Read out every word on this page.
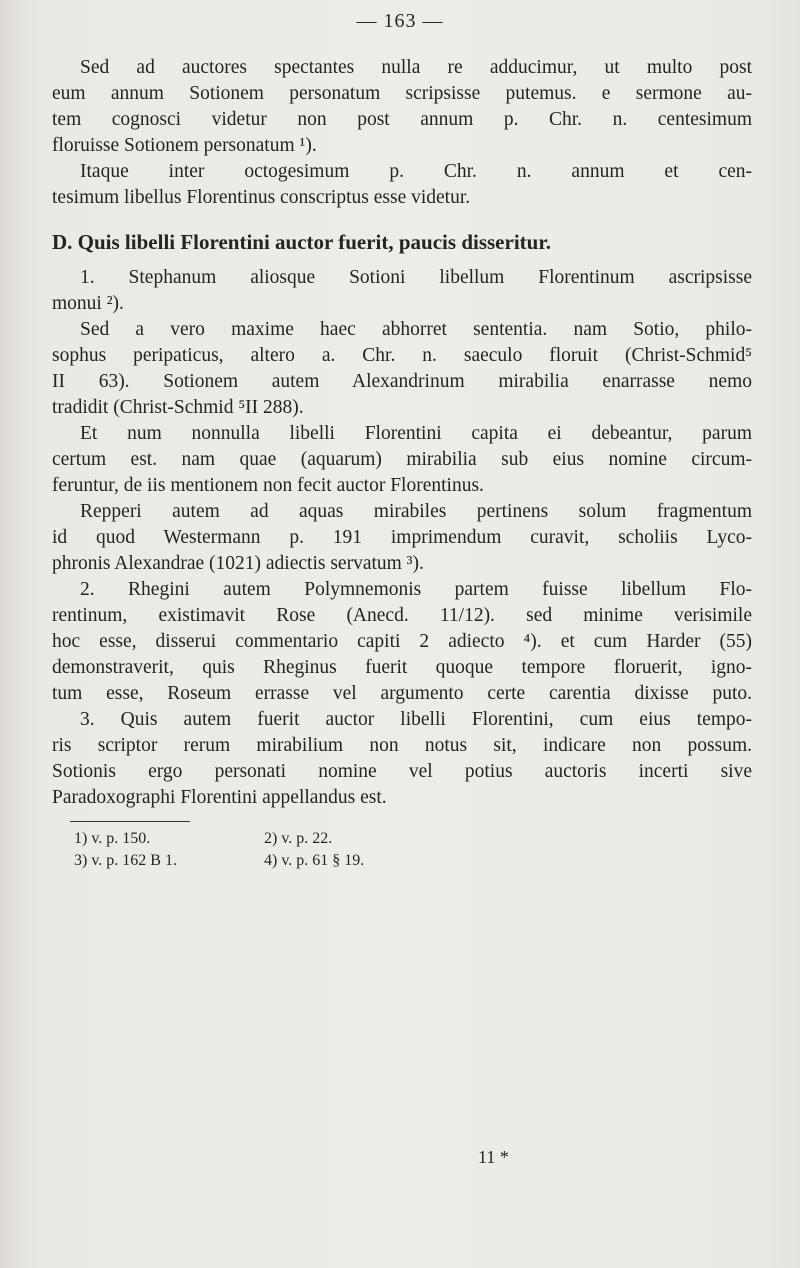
— 163 —
Sed ad auctores spectantes nulla re adducimur, ut multo post
eum annum Sotionem personatum scripsisse putemus. e sermone au-
tem cognosci videtur non post annum p. Chr. n. centesimum
floruisse Sotionem personatum ¹).
Itaque inter octogesimum p. Chr. n. annum et cen-
tesimum libellus Florentinus conscriptus esse videtur.
D. Quis libelli Florentini auctor fuerit, paucis disseritur.
1. Stephanum aliosque Sotioni libellum Florentinum ascripsisse
monui ²).
Sed a vero maxime haec abhorret sententia. nam Sotio, philo-
sophus peripaticus, altero a. Chr. n. saeculo floruit (Christ-Schmid⁵
II 63). Sotionem autem Alexandrinum mirabilia enarrasse nemo
tradidit (Christ-Schmid ⁵II 288).
Et num nonnulla libelli Florentini capita ei debeantur, parum
certum est. nam quae (aquarum) mirabilia sub eius nomine circum-
feruntur, de iis mentionem non fecit auctor Florentinus.
Repperi autem ad aquas mirabiles pertinens solum fragmentum
id quod Westermann p. 191 imprimendum curavit, scholiis Lyco-
phronis Alexandrae (1021) adiectis servatum ³).
2. Rhegini autem Polymnemonis partem fuisse libellum Flo-
rentinum, existimavit Rose (Anecd. 11/12). sed minime verisimile
hoc esse, disserui commentario capiti 2 adiecto ⁴). et cum Harder (55)
demonstraverit, quis Rheginus fuerit quoque tempore floruerit, igno-
tum esse, Roseum errasse vel argumento certe carentia dixisse puto.
3. Quis autem fuerit auctor libelli Florentini, cum eius tempo-
ris scriptor rerum mirabilium non notus sit, indicare non possum.
Sotionis ergo personati nomine vel potius auctoris incerti sive
Paradoxographi Florentini appellandus est.
1) v. p. 150.	2) v. p. 22.
3) v. p. 162 B 1.	4) v. p. 61 § 19.
11 *
